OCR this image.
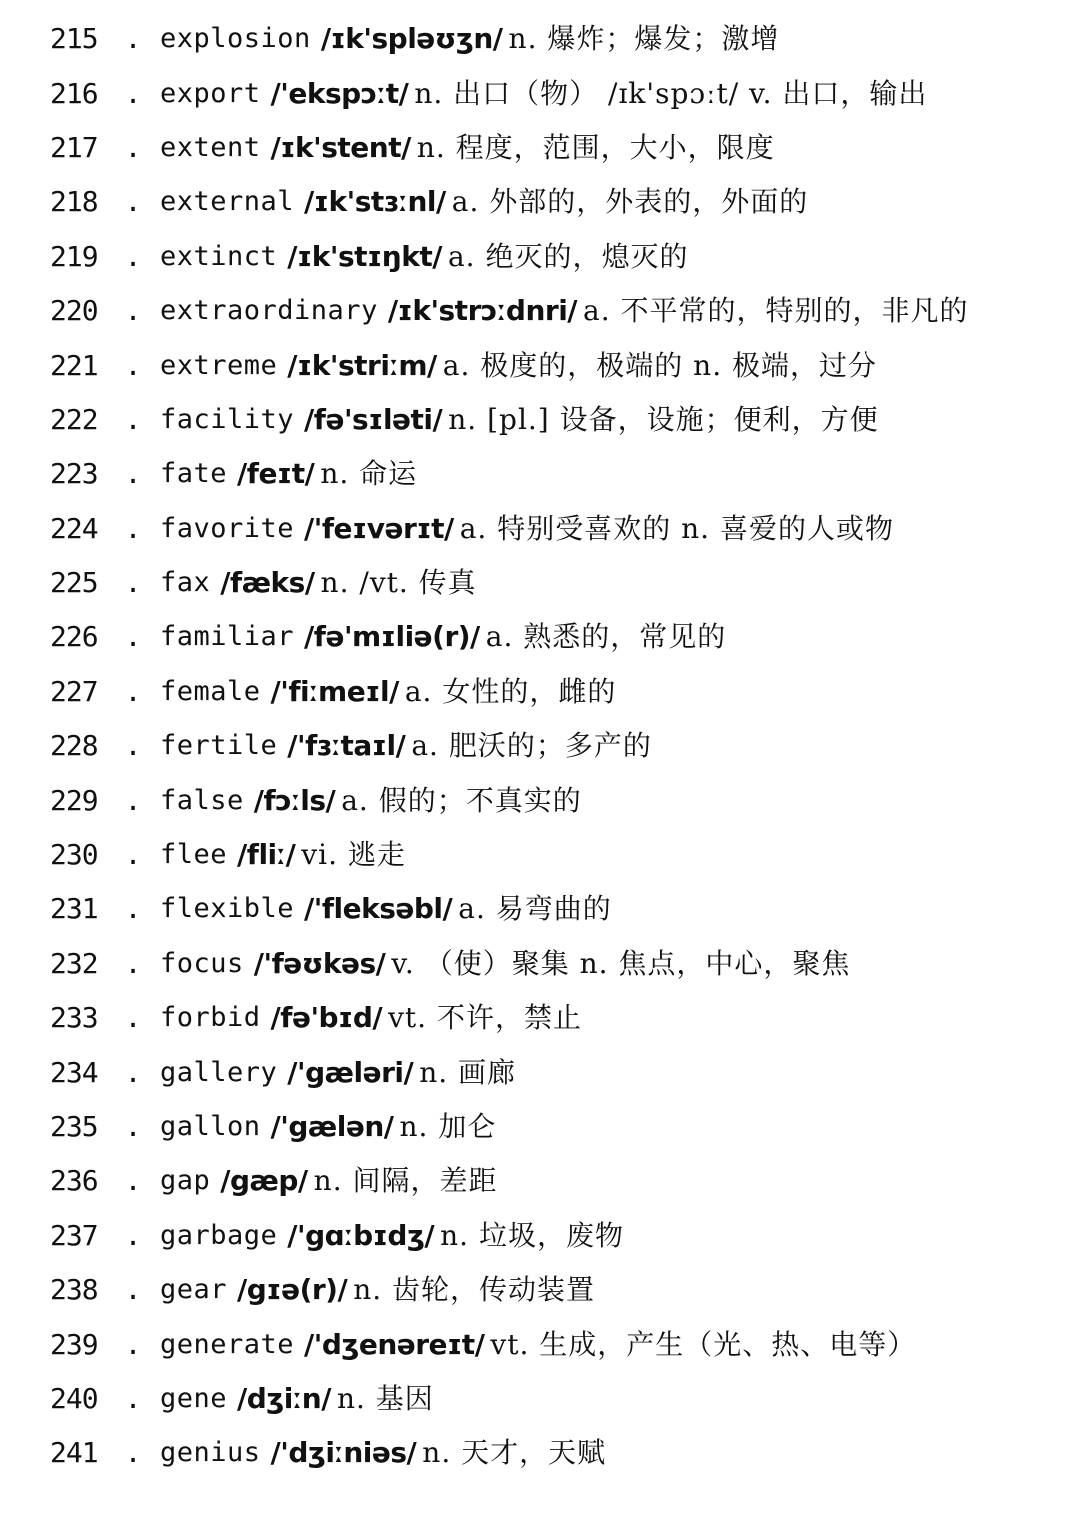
215 . explosion /ɪk'spləʊʒn/ n. 爆炸；爆发；激增
216 . export /'ekspɔːt/ n. 出口（物） /ɪk'spɔːt/ v. 出口，输出
217 . extent /ɪk'stent/ n. 程度，范围，大小，限度
218 . external /ɪk'stɜːnl/ a. 外部的，外表的，外面的
219 . extinct /ɪk'stɪŋkt/ a. 绝灭的，熄灭的
220 . extraordinary /ɪk'strɔːdnri/ a. 不平常的，特别的，非凡的
221 . extreme /ɪk'striːm/ a. 极度的，极端的 n. 极端，过分
222 . facility /fə'sɪləti/ n. [pl.] 设备，设施；便利，方便
223 . fate /feɪt/ n. 命运
224 . favorite /'feɪvərɪt/ a. 特别受喜欢的 n. 喜爱的人或物
225 . fax /fæks/ n. /vt. 传真
226 . familiar /fə'mɪliə(r)/ a. 熟悉的，常见的
227 . female /'fiːmeɪl/ a. 女性的，雌的
228 . fertile /'fɜːtaɪl/ a. 肥沃的；多产的
229 . false /fɔːls/ a. 假的；不真实的
230 . flee /fliː/ vi. 逃走
231 . flexible /'fleksəbl/ a. 易弯曲的
232 . focus /'fəʊkəs/ v. （使）聚集 n. 焦点，中心，聚焦
233 . forbid /fə'bɪd/ vt. 不许，禁止
234 . gallery /'gæləri/ n. 画廊
235 . gallon /'gælən/ n. 加仑
236 . gap /gæp/ n. 间隔，差距
237 . garbage /'gɑːbɪdʒ/ n. 垃圾，废物
238 . gear /gɪə(r)/ n. 齿轮，传动装置
239 . generate /'dʒenəreɪt/ vt. 生成，产生（光、热、电等）
240 . gene /dʒiːn/ n. 基因
241 . genius /'dʒiːniəs/ n. 天才，天赋
